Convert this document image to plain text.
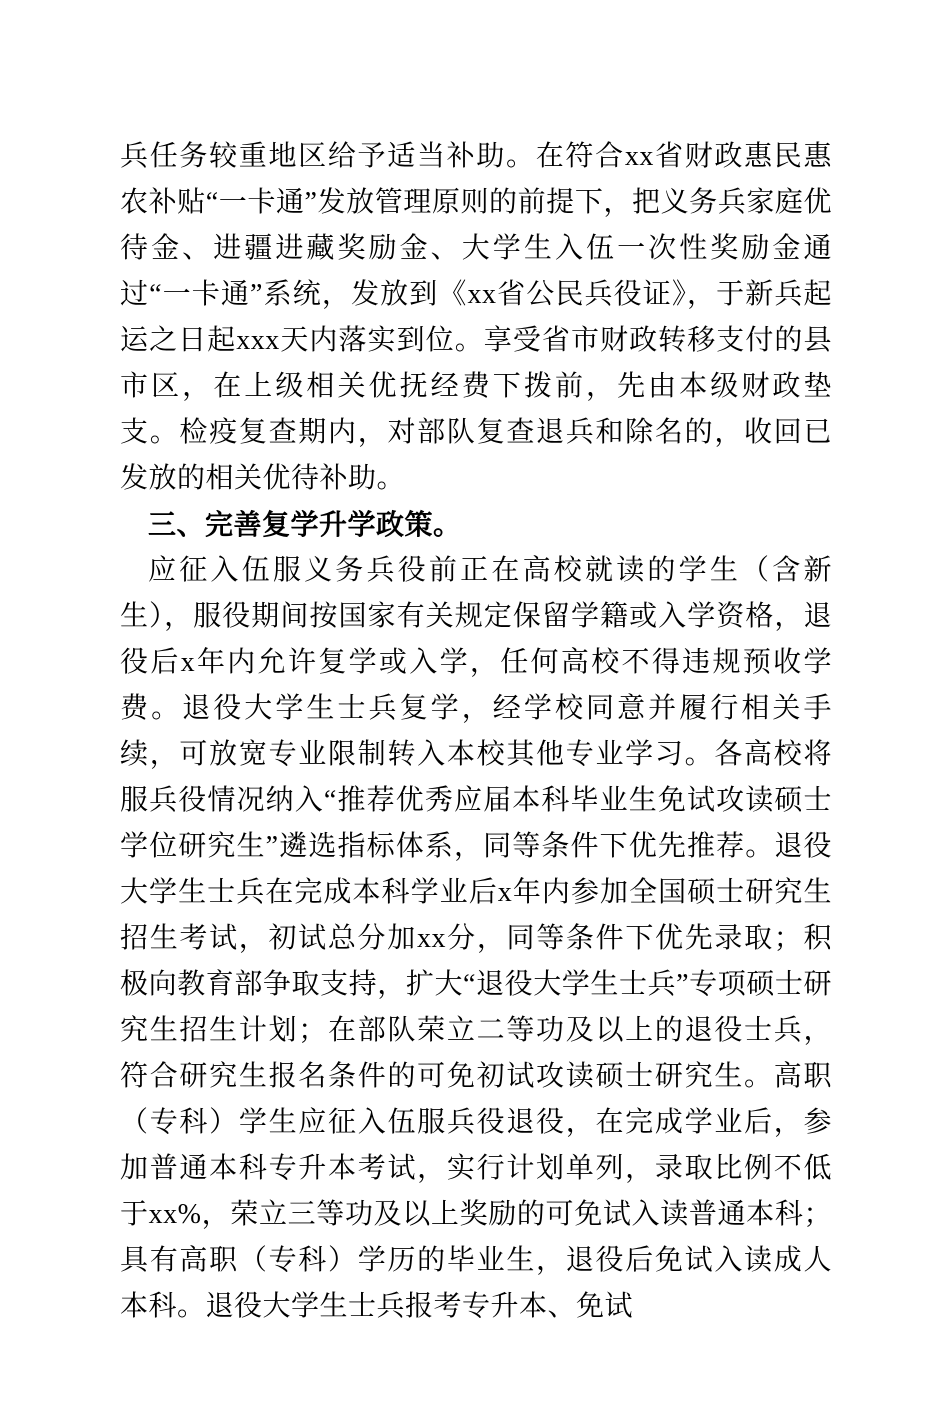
兵任务较重地区给予适当补助。在符合xx省财政惠民惠农补贴“一卡通”发放管理原则的前提下，把义务兵家庭优待金、进疆进藏奖励金、大学生入伍一次性奖励金通过“一卡通”系统，发放到《xx省公民兵役证》，于新兵起运之日起xxx天内落实到位。享受省市财政转移支付的县市区，在上级相关优抚经费下拨前，先由本级财政垫支。检疫复查期内，对部队复查退兵和除名的，收回已发放的相关优待补助。

三、完善复学升学政策。

应征入伍服义务兵役前正在高校就读的学生（含新生），服役期间按国家有关规定保留学籍或入学资格，退役后x年内允许复学或入学，任何高校不得违规预收学费。退役大学生士兵复学，经学校同意并履行相关手续，可放宽专业限制转入本校其他专业学习。各高校将服兵役情况纳入“推荐优秀应届本科毕业生免试攻读硕士学位研究生”遴选指标体系，同等条件下优先推荐。退役大学生士兵在完成本科学业后x年内参加全国硕士研究生招生考试，初试总分加xx分，同等条件下优先录取；积极向教育部争取支持，扩大“退役大学生士兵”专项硕士研究生招生计划；在部队荣立二等功及以上的退役士兵，符合研究生报名条件的可免初试攻读硕士研究生。高职（专科）学生应征入伍服兵役退役，在完成学业后，参加普通本科专升本考试，实行计划单列，录取比例不低于xx%，荣立三等功及以上奖励的可免试入读普通本科；具有高职（专科）学历的毕业生，退役后免试入读成人本科。退役大学生士兵报考专升本、免试
